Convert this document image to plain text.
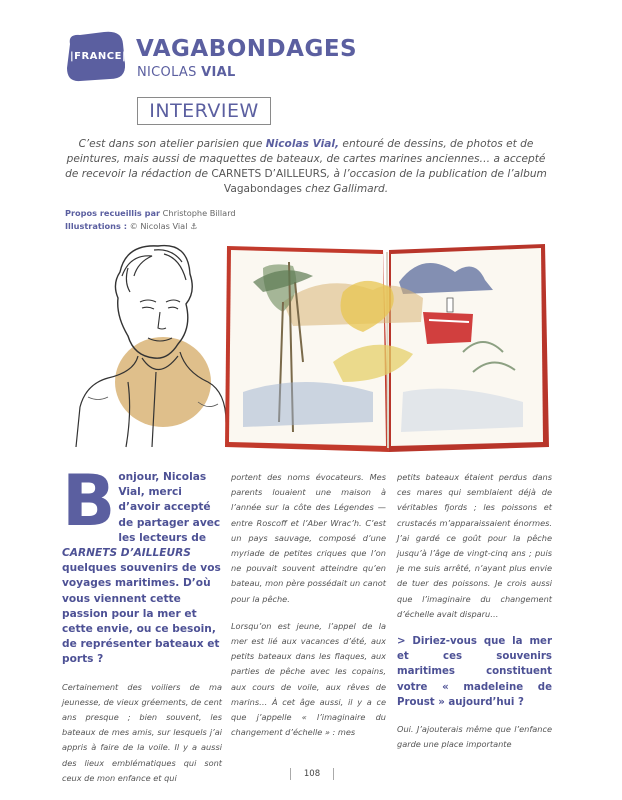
|FRANCE| VAGABONDAGES
NICOLAS VIAL
INTERVIEW
C’est dans son atelier parisien que Nicolas Vial, entouré de dessins, de photos et de peintures, mais aussi de maquettes de bateaux, de cartes marines anciennes… a accepté de recevoir la rédaction de CARNETS D’AILLEURS, à l’occasion de la publication de l’album Vagabondages chez Gallimard.
Propos recueillis par Christophe Billard
Illustrations : © Nicolas Vial ⚓
B onjour, Nicolas Vial, merci d’avoir accepté de partager avec les lecteurs de CARNETS D’AILLEURS quelques souvenirs de vos voyages maritimes. D’où vous viennent cette passion pour la mer et cette envie, ou ce besoin, de représenter bateaux et ports ?

Certainement des voiliers de ma jeunesse, de vieux gréements, de cent ans presque ; bien souvent, les bateaux de mes amis, sur lesquels j’ai appris à faire de la voile. Il y a aussi des lieux emblématiques qui sont ceux de mon enfance et qui

portent des noms évocateurs. Mes parents louaient une maison à l’année sur la côte des Légendes — entre Roscoff et l’Aber Wrac’h. C’est un pays sauvage, composé d’une myriade de petites criques que l’on ne pouvait souvent atteindre qu’en bateau, mon père possédait un canot pour la pêche.

Lorsqu’on est jeune, l’appel de la mer est lié aux vacances d’été, aux petits bateaux dans les flaques, aux parties de pêche avec les copains, aux cours de voile, aux rêves de marins… À cet âge aussi, il y a ce que j’appelle « l’imaginaire du changement d’échelle » : mes

petits bateaux étaient perdus dans ces mares qui semblaient déjà de véritables fjords ; les poissons et crustacés m’apparaissaient énormes. J’ai gardé ce goût pour la pêche jusqu’à l’âge de vingt-cinq ans ; puis je me suis arrêté, n’ayant plus envie de tuer des poissons. Je crois aussi que l’imaginaire du changement d’échelle avait disparu…

> Diriez-vous que la mer et ces souvenirs maritimes constituent votre « madeleine de Proust » aujourd’hui ?

Oui. J’ajouterais même que l’enfance garde une place importante

108
